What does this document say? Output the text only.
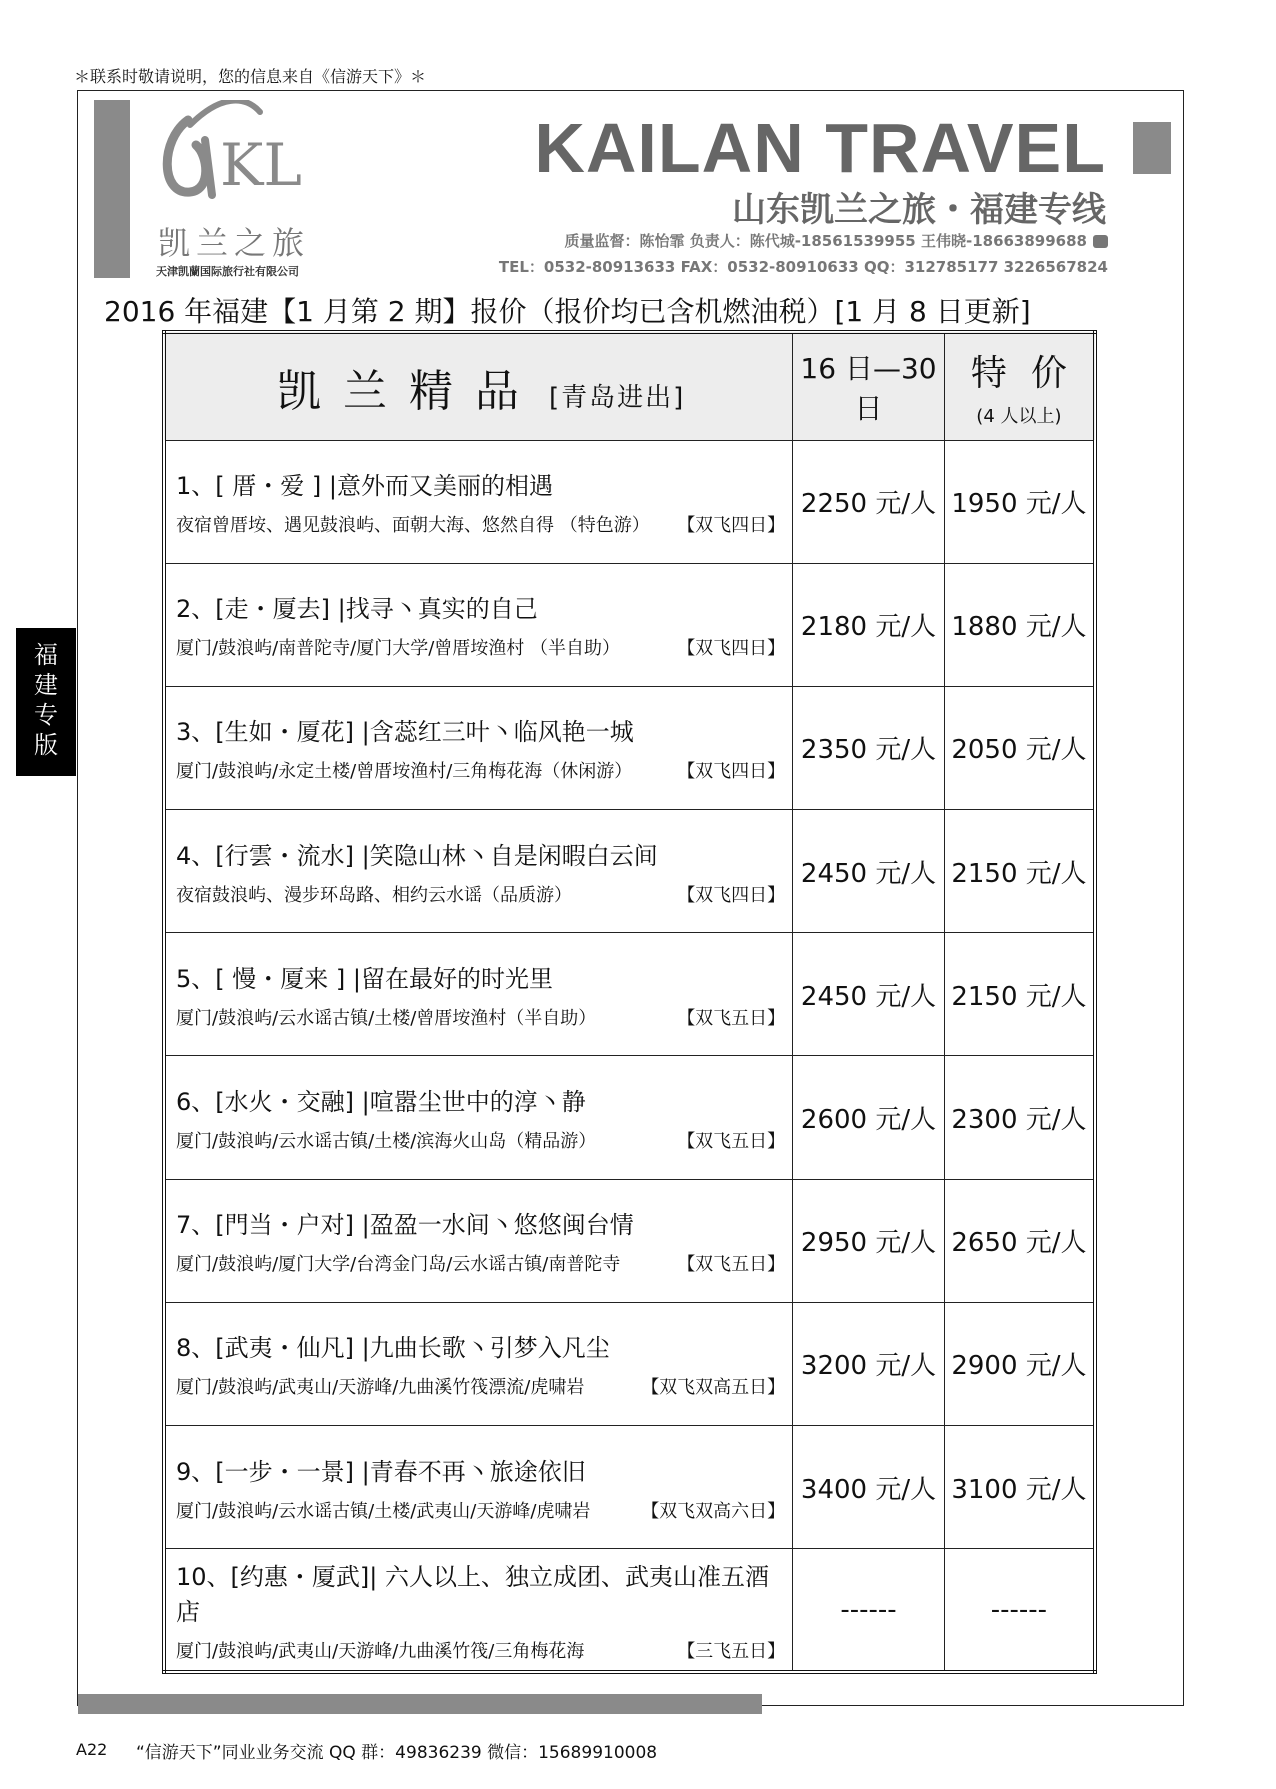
＊联系时敬请说明，您的信息来自《信游天下》＊
KL
凯兰之旅
天津凯蘭国际旅行社有限公司
KAILAN TRAVEL
山东凯兰之旅・福建专线
质量监督：陈怡霏 负责人：陈代城-18561539955 王伟晓-18663899688
TEL：0532-80913633 FAX：0532-80910633 QQ：312785177 3226567824
2016 年福建【1 月第 2 期】报价（报价均已含机燃油税）[1 月 8 日更新]
福
建
专
版
凯兰精品 [青岛进出]	16 日—30 日	特价
(4 人以上)

1、[ 厝・爱 ] |意外而又美丽的相遇
夜宿曾厝垵、遇见鼓浪屿、面朝大海、悠然自得 （特色游） 【双飞四日】	2250 元/人	1950 元/人

2、[走・厦去] |找寻丶真实的自己
厦门/鼓浪屿/南普陀寺/厦门大学/曾厝垵渔村 （半自助） 【双飞四日】	2180 元/人	1880 元/人

3、[生如・厦花] |含蕊红三叶丶临风艳一城
厦门/鼓浪屿/永定土楼/曾厝垵渔村/三角梅花海（休闲游） 【双飞四日】	2350 元/人	2050 元/人

4、[行雲・流水] |笑隐山林丶自是闲暇白云间
夜宿鼓浪屿、漫步环岛路、相约云水谣（品质游） 【双飞四日】	2450 元/人	2150 元/人

5、[ 慢・厦来 ] |留在最好的时光里
厦门/鼓浪屿/云水谣古镇/土楼/曾厝垵渔村（半自助） 【双飞五日】	2450 元/人	2150 元/人

6、[水火・交融] |喧嚣尘世中的淳丶静
厦门/鼓浪屿/云水谣古镇/土楼/滨海火山岛（精品游） 【双飞五日】	2600 元/人	2300 元/人

7、[門当・户对] |盈盈一水间丶悠悠闽台情
厦门/鼓浪屿/厦门大学/台湾金门岛/云水谣古镇/南普陀寺 【双飞五日】	2950 元/人	2650 元/人

8、[武夷・仙凡] |九曲长歌丶引梦入凡尘
厦门/鼓浪屿/武夷山/天游峰/九曲溪竹筏漂流/虎啸岩 【双飞双高五日】	3200 元/人	2900 元/人

9、[一步・一景] |青春不再丶旅途依旧
厦门/鼓浪屿/云水谣古镇/土楼/武夷山/天游峰/虎啸岩 【双飞双高六日】	3400 元/人	3100 元/人

10、[约惠・厦武]| 六人以上、独立成团、武夷山准五酒店
厦门/鼓浪屿/武夷山/天游峰/九曲溪竹筏/三角梅花海 【三飞五日】	------	------
A22 “信游天下”同业业务交流 QQ 群：49836239 微信：15689910008
